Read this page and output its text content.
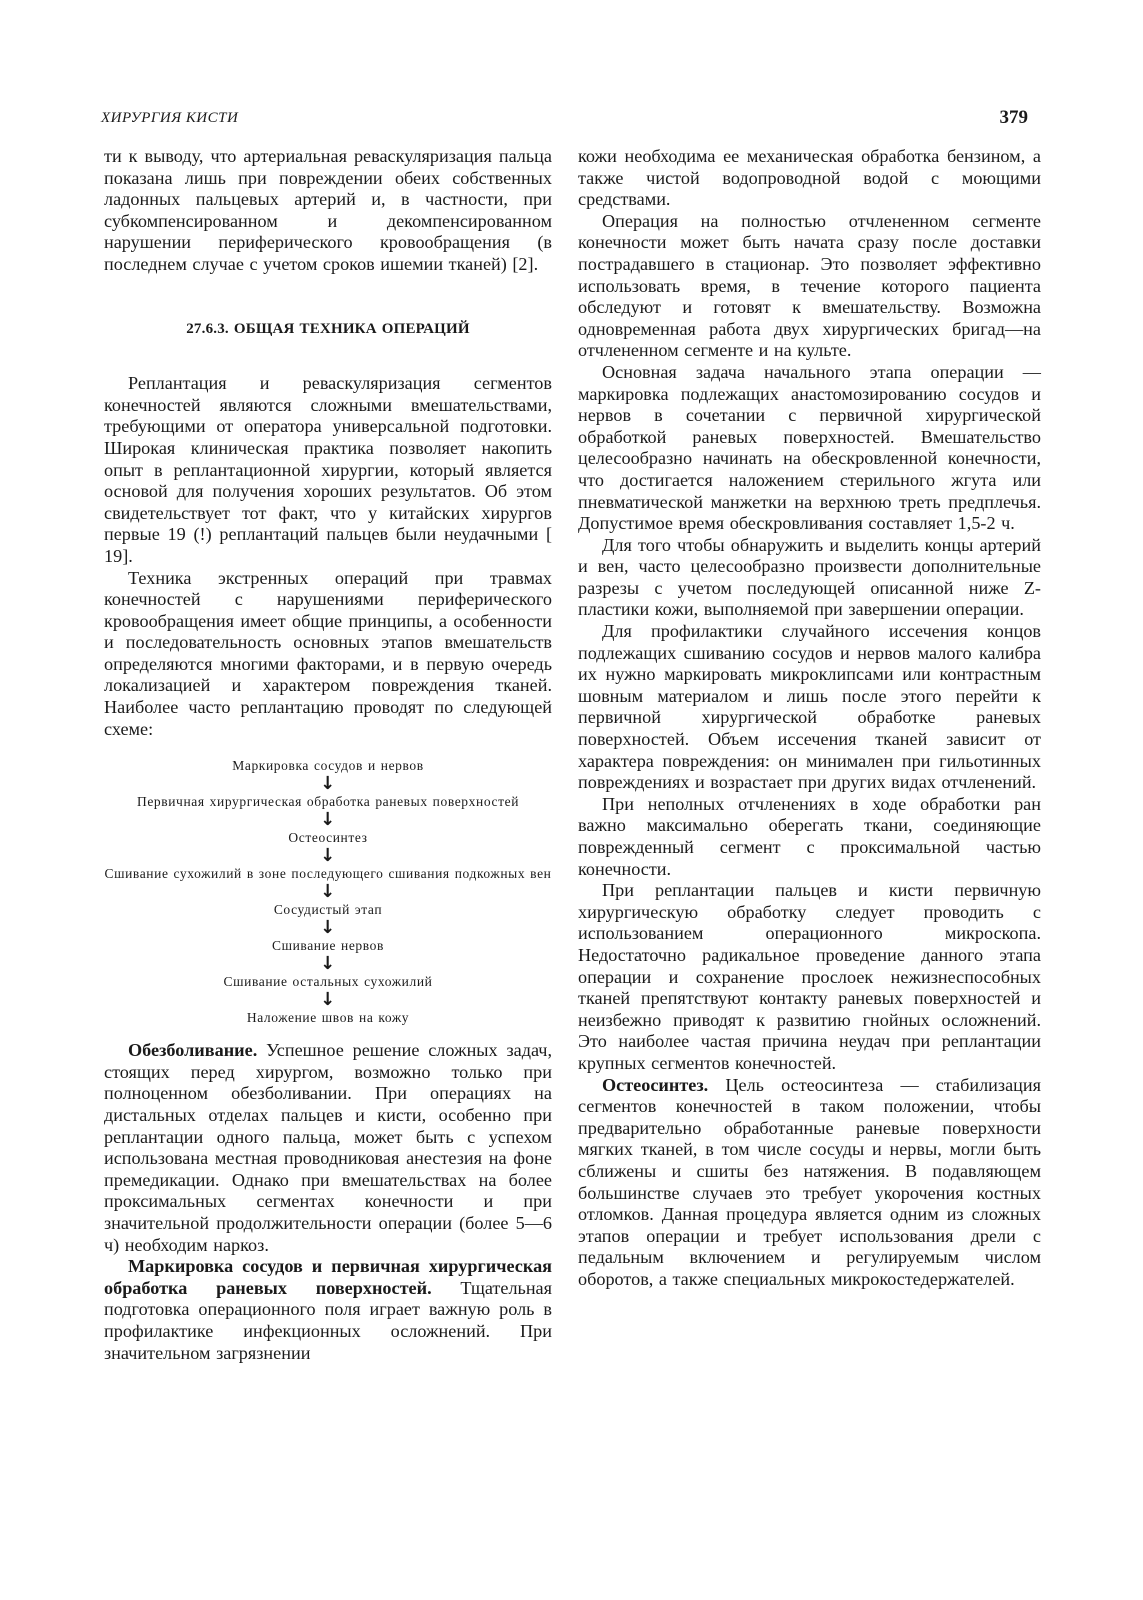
ХИРУРГИЯ КИСТИ	379

ти к выводу, что артериальная реваскуляризация пальца показана лишь при повреждении обеих собственных ладонных пальцевых артерий и, в частности, при субкомпенсированном и декомпенсированном нарушении периферического кровообращения (в последнем случае с учетом сроков ишемии тканей) [2].

27.6.3. ОБЩАЯ ТЕХНИКА ОПЕРАЦИЙ

Реплантация и реваскуляризация сегментов конечностей являются сложными вмешательствами, требующими от оператора универсальной подготовки. Широкая клиническая практика позволяет накопить опыт в реплантационной хирургии, который является основой для получения хороших результатов. Об этом свидетельствует тот факт, что у китайских хирургов первые 19 (!) реплантаций пальцев были неудачными [ 19].

Техника экстренных операций при травмах конечностей с нарушениями периферического кровообращения имеет общие принципы, а особенности и последовательность основных этапов вмешательств определяются многими факторами, и в первую очередь локализацией и характером повреждения тканей. Наиболее часто реплантацию проводят по следующей схеме:

Маркировка сосудов и нервов
↓
Первичная хирургическая обработка раневых поверхностей
↓
Остеосинтез
↓
Сшивание сухожилий в зоне последующего сшивания подкожных вен
↓
Сосудистый этап
↓
Сшивание нервов
↓
Сшивание остальных сухожилий
↓
Наложение швов на кожу

Обезболивание. Успешное решение сложных задач, стоящих перед хирургом, возможно только при полноценном обезболивании. При операциях на дистальных отделах пальцев и кисти, особенно при реплантации одного пальца, может быть с успехом использована местная проводниковая анестезия на фоне премедикации. Однако при вмешательствах на более проксимальных сегментах конечности и при значительной продолжительности операции (более 5—6 ч) необходим наркоз.

Маркировка сосудов и первичная хирургическая обработка раневых поверхностей. Тщательная подготовка операционного поля играет важную роль в профилактике инфекционных осложнений. При значительном загрязнении

кожи необходима ее механическая обработка бензином, а также чистой водопроводной водой с моющими средствами.

Операция на полностью отчлененном сегменте конечности может быть начата сразу после доставки пострадавшего в стационар. Это позволяет эффективно использовать время, в течение которого пациента обследуют и готовят к вмешательству. Возможна одновременная работа двух хирургических бригад—на отчлененном сегменте и на культе.

Основная задача начального этапа операции — маркировка подлежащих анастомозированию сосудов и нервов в сочетании с первичной хирургической обработкой раневых поверхностей. Вмешательство целесообразно начинать на обескровленной конечности, что достигается наложением стерильного жгута или пневматической манжетки на верхнюю треть предплечья. Допустимое время обескровливания составляет 1,5-2 ч.

Для того чтобы обнаружить и выделить концы артерий и вен, часто целесообразно произвести дополнительные разрезы с учетом последующей описанной ниже Z-пластики кожи, выполняемой при завершении операции.

Для профилактики случайного иссечения концов подлежащих сшиванию сосудов и нервов малого калибра их нужно маркировать микроклипсами или контрастным шовным материалом и лишь после этого перейти к первичной хирургической обработке раневых поверхностей. Объем иссечения тканей зависит от характера повреждения: он минимален при гильотинных повреждениях и возрастает при других видах отчленений.

При неполных отчленениях в ходе обработки ран важно максимально оберегать ткани, соединяющие поврежденный сегмент с проксимальной частью конечности.

При реплантации пальцев и кисти первичную хирургическую обработку следует проводить с использованием операционного микроскопа. Недостаточно радикальное проведение данного этапа операции и сохранение прослоек нежизнеспособных тканей препятствуют контакту раневых поверхностей и неизбежно приводят к развитию гнойных осложнений. Это наиболее частая причина неудач при реплантации крупных сегментов конечностей.

Остеосинтез. Цель остеосинтеза — стабилизация сегментов конечностей в таком положении, чтобы предварительно обработанные раневые поверхности мягких тканей, в том числе сосуды и нервы, могли быть сближены и сшиты без натяжения. В подавляющем большинстве случаев это требует укорочения костных отломков. Данная процедура является одним из сложных этапов операции и требует использования дрели с педальным включением и регулируемым числом оборотов, а также специальных микрокостедержателей.
